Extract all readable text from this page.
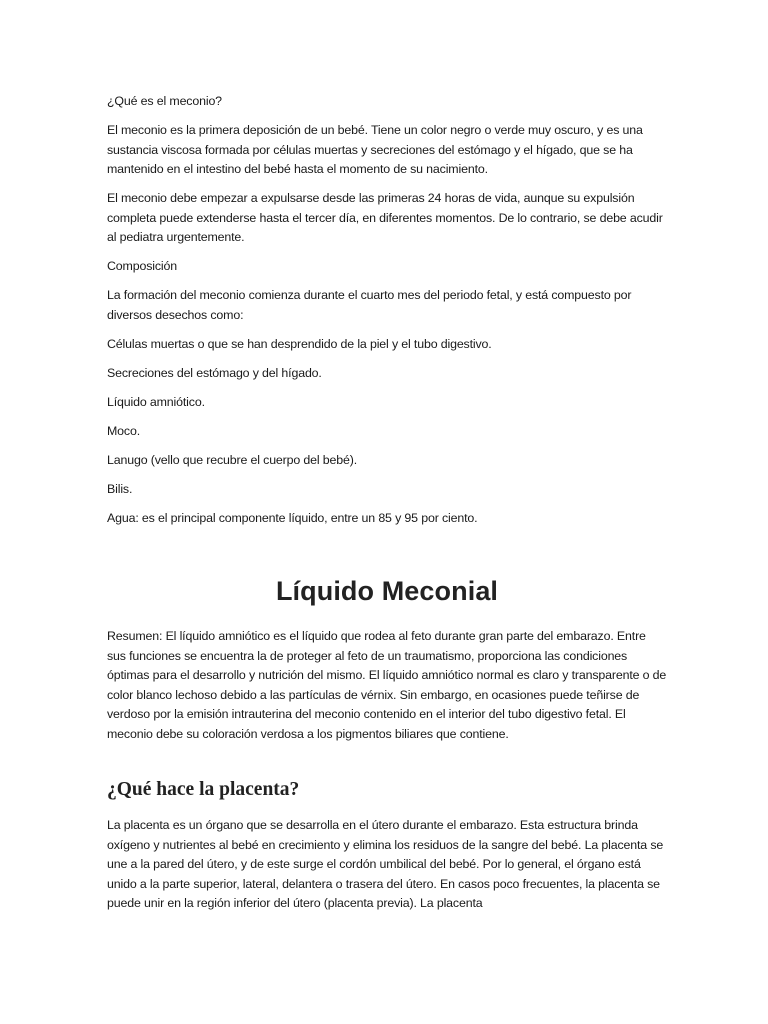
¿Qué es el meconio?

El meconio es la primera deposición de un bebé. Tiene un color negro o verde muy oscuro, y es una sustancia viscosa formada por células muertas y secreciones del estómago y el hígado, que se ha mantenido en el intestino del bebé hasta el momento de su nacimiento.

El meconio debe empezar a expulsarse desde las primeras 24 horas de vida, aunque su expulsión completa puede extenderse hasta el tercer día, en diferentes momentos. De lo contrario, se debe acudir al pediatra urgentemente.

Composición

La formación del meconio comienza durante el cuarto mes del periodo fetal, y está compuesto por diversos desechos como:

Células muertas o que se han desprendido de la piel y el tubo digestivo.

Secreciones del estómago y del hígado.

Líquido amniótico.

Moco.

Lanugo (vello que recubre el cuerpo del bebé).

Bilis.

Agua: es el principal componente líquido, entre un 85 y 95 por ciento.

Líquido Meconial

Resumen: El líquido amniótico es el líquido que rodea al feto durante gran parte del embarazo. Entre sus funciones se encuentra la de proteger al feto de un traumatismo, proporciona las condiciones óptimas para el desarrollo y nutrición del mismo. El líquido amniótico normal es claro y transparente o de color blanco lechoso debido a las partículas de vérnix. Sin embargo, en ocasiones puede teñirse de verdoso por la emisión intrauterina del meconio contenido en el interior del tubo digestivo fetal. El meconio debe su coloración verdosa a los pigmentos biliares que contiene.

¿Qué hace la placenta?

La placenta es un órgano que se desarrolla en el útero durante el embarazo. Esta estructura brinda oxígeno y nutrientes al bebé en crecimiento y elimina los residuos de la sangre del bebé. La placenta se une a la pared del útero, y de este surge el cordón umbilical del bebé. Por lo general, el órgano está unido a la parte superior, lateral, delantera o trasera del útero. En casos poco frecuentes, la placenta se puede unir en la región inferior del útero (placenta previa). La placenta
